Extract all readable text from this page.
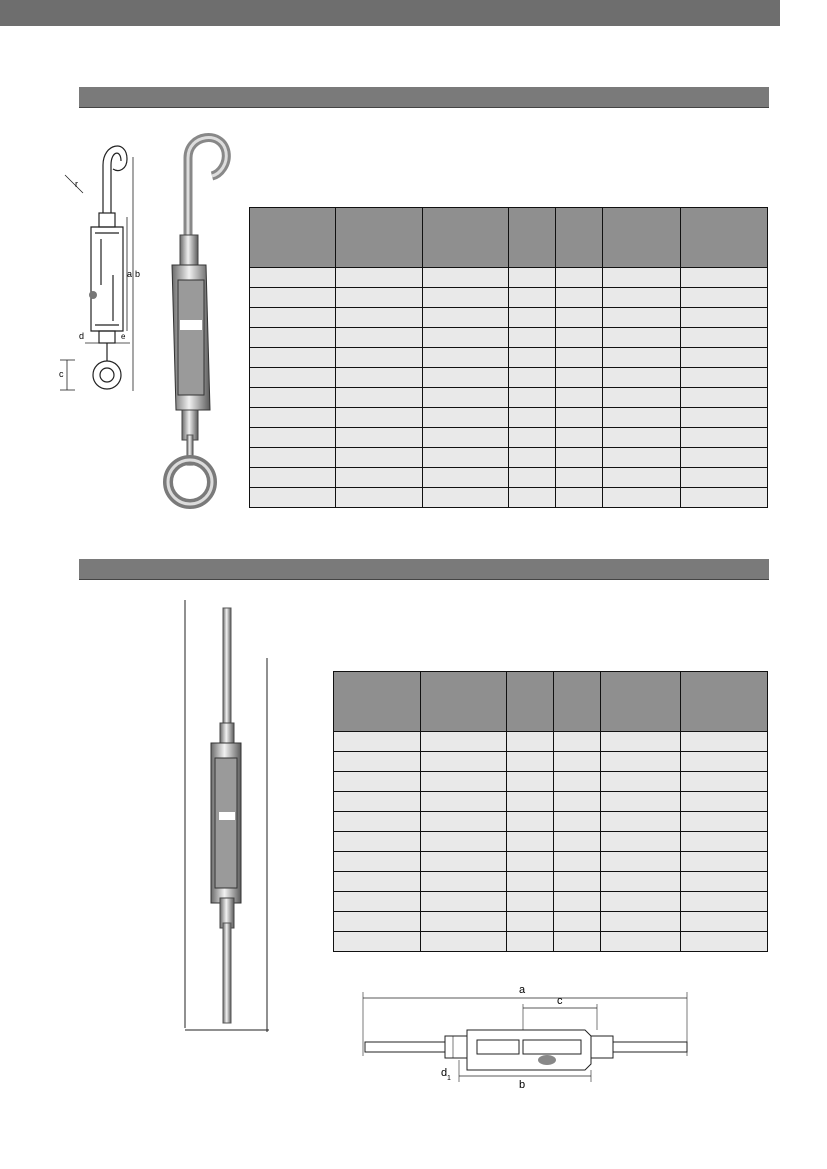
r
a b
d	e
c

a
c
b
d 1
